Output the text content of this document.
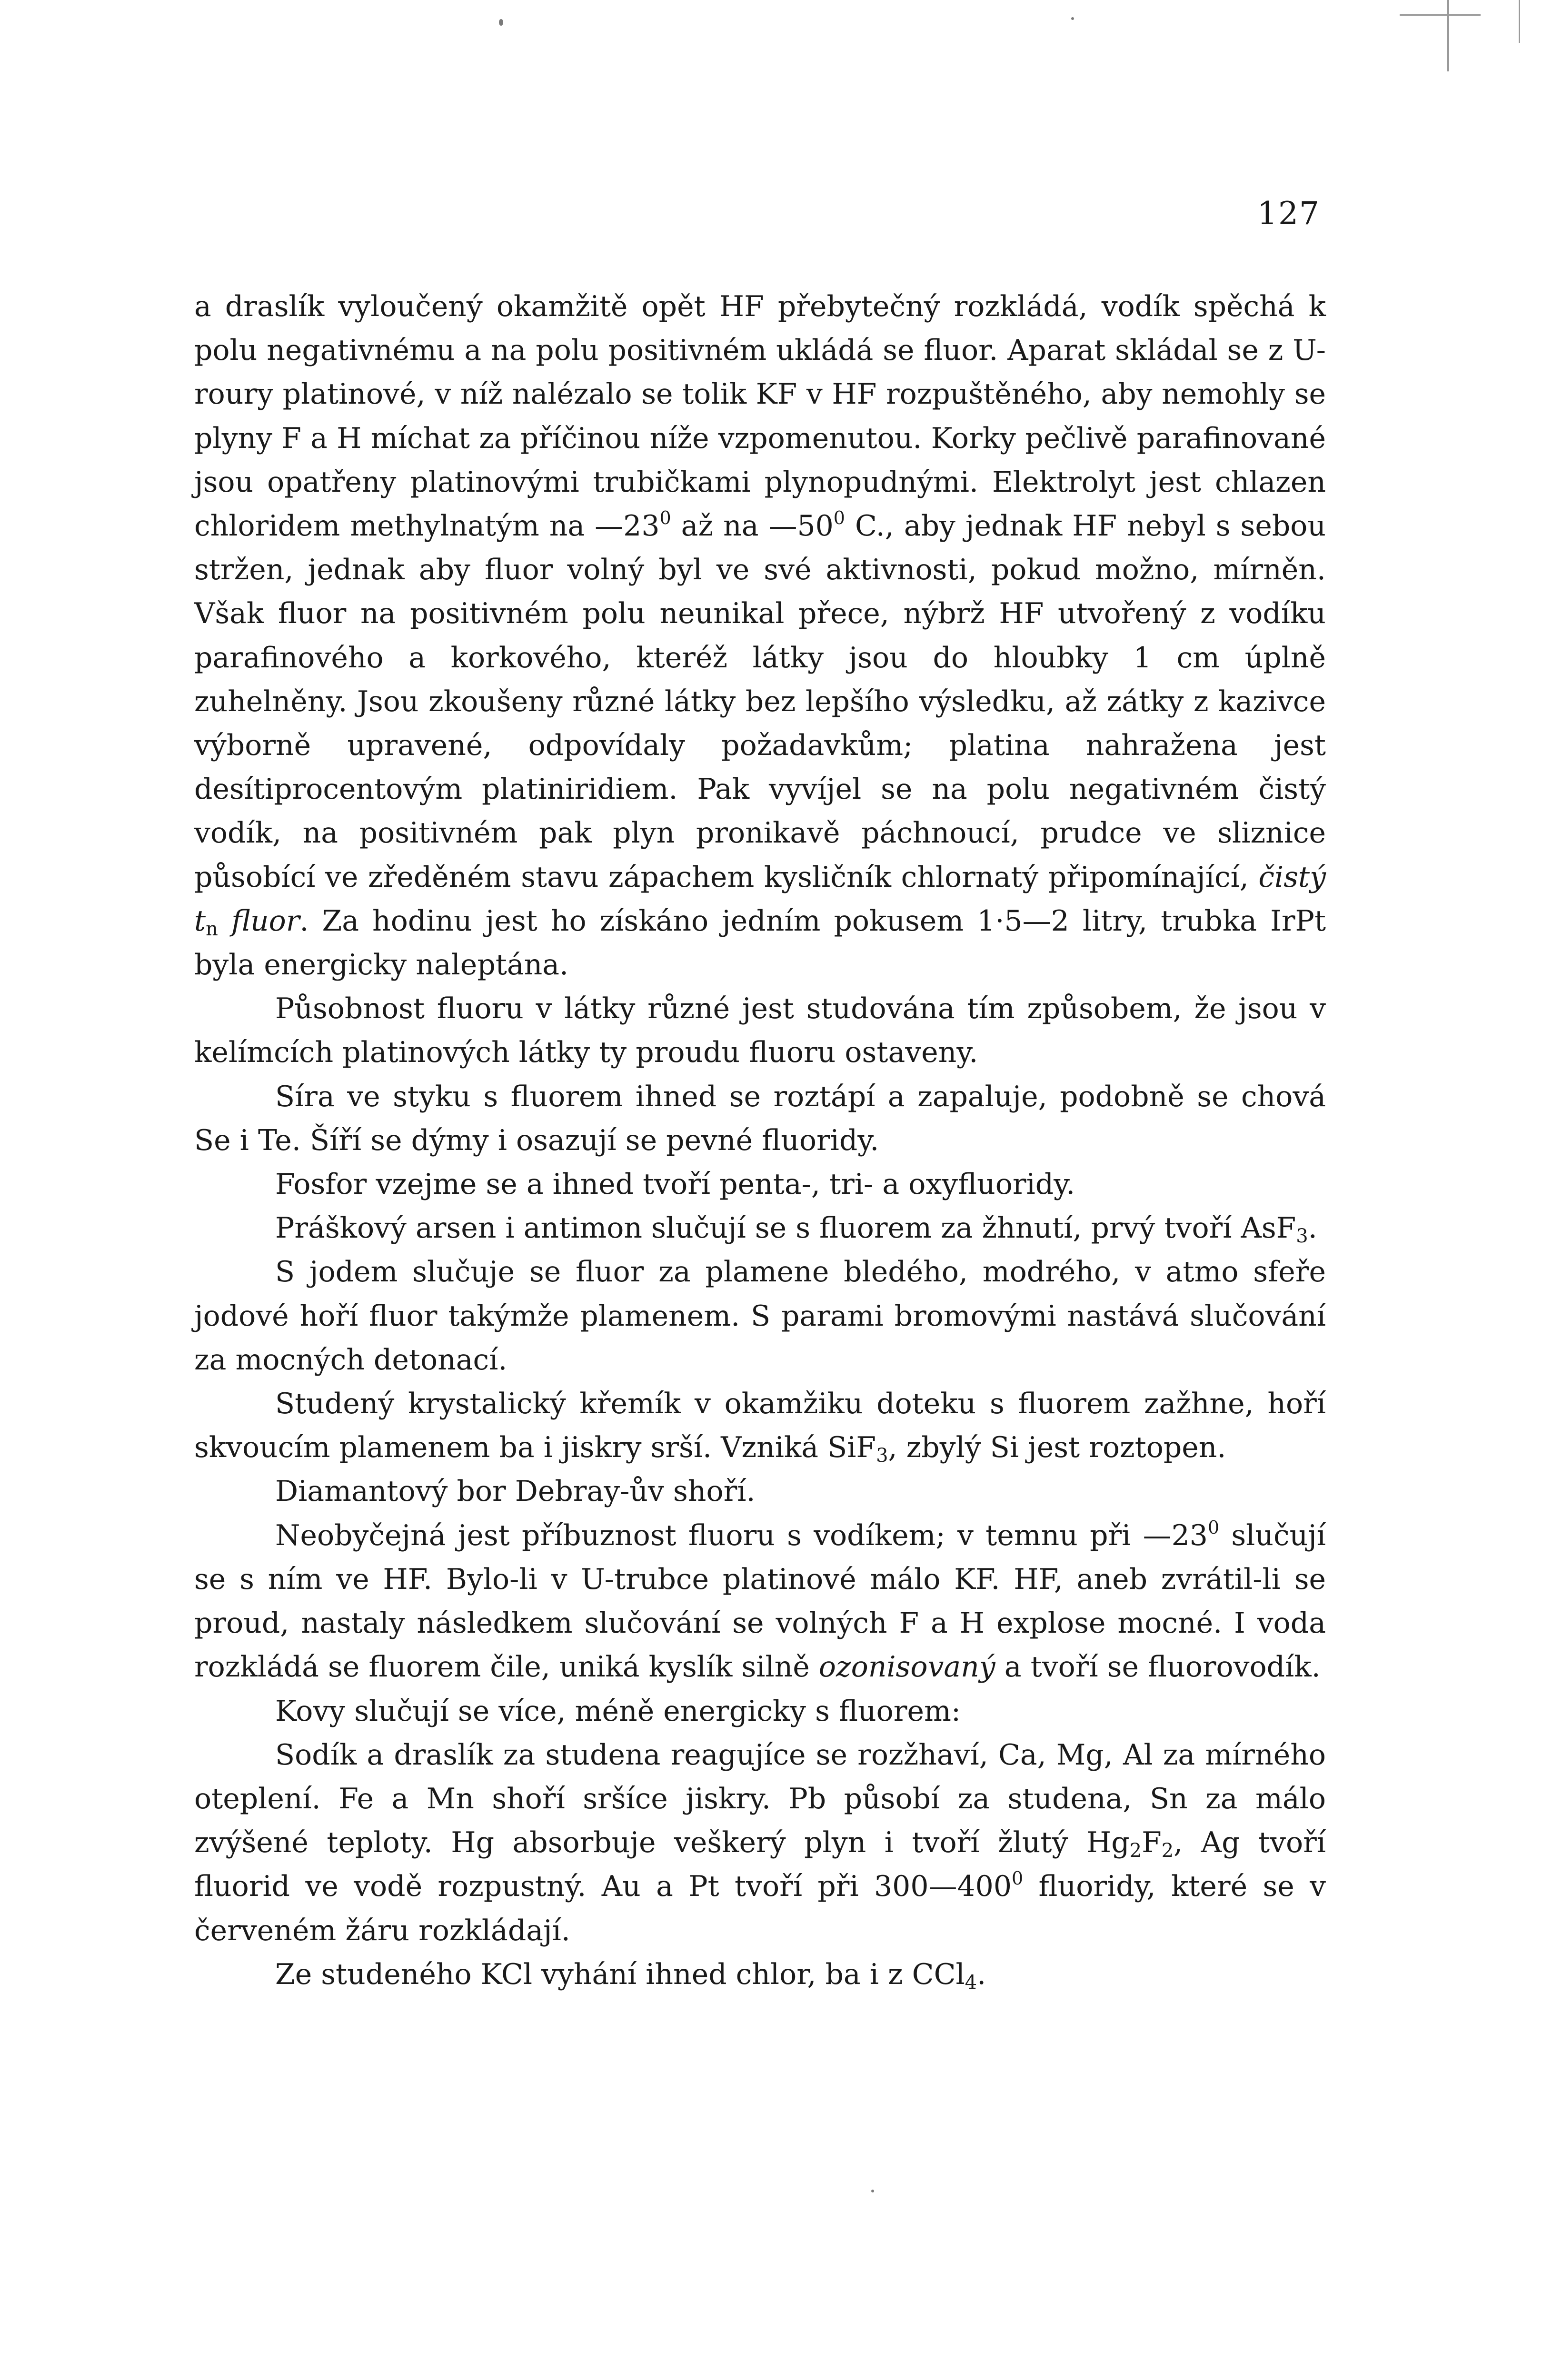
127

a draslík vyloučený okamžitě opět HF přebytečný rozkládá, vodík spěchá k polu negativnému a na polu positivném ukládá se fluor. Aparat skládal se z U-roury platinové, v níž nalézalo se tolik KF v HF rozpuštěného, aby nemohly se plyny F a H míchat za příčinou níže vzpomenutou. Korky pečlivě parafinované jsou opatřeny platinovými trubičkami plynopudnými. Elektrolyt jest chlazen chloridem methylnatým na $—23^0$ až na $—50^0$ C., aby jednak HF nebyl s sebou stržen, jednak aby fluor volný byl ve své aktivnosti, pokud možno, mírněn. Však fluor na positivném polu neunikal přece, nýbrž HF utvořený z vodíku parafinového a korkového, kteréž látky jsou do hloubky 1 cm úplně zuhelněny. Jsou zkoušeny různé látky bez lepšího výsledku, až zátky z kazivce výborně upravené, odpovídaly požadavkům; platina nahražena jest desítiprocentovým platiniridiem. Pak vyvíjel se na polu negativném čistý vodík, na positivném pak plyn pronikavě páchnoucí, prudce ve sliznice působící ve zředěném stavu zápachem kysličník chlornatý připomínající, čistý $t_n$ fluor. Za hodinu jest ho získáno jedním pokusem 1·5—2 litry, trubka IrPt byla energicky naleptána.

Působnost fluoru v látky různé jest studována tím způsobem, že jsou v kelímcích platinových látky ty proudu fluoru ostaveny.

Síra ve styku s fluorem ihned se roztápí a zapaluje, podobně se chová Se i Te. Šíří se dýmy i osazují se pevné fluoridy.

Fosfor vzejme se a ihned tvoří penta-, tri- a oxyfluoridy.

Práškový arsen i antimon slučují se s fluorem za žhnutí, prvý tvoří AsF$_3$.

S jodem slučuje se fluor za plamene bledého, modrého, v atmo sfeře jodové hoří fluor takýmže plamenem. S parami bromovými nastává slučování za mocných detonací.

Studený krystalický křemík v okamžiku doteku s fluorem zažhne, hoří skvoucím plamenem ba i jiskry srší. Vzniká SiF$_3$, zbylý Si jest roztopen.

Diamantový bor Debray-ův shoří.

Neobyčejná jest příbuznost fluoru s vodíkem; v temnu při $—23^0$ slučují se s ním ve HF. Bylo-li v U-trubce platinové málo KF. HF, aneb zvrátil-li se proud, nastaly následkem slučování se volných F a H explose mocné. I voda rozkládá se fluorem čile, uniká kyslík silně ozonisovaný a tvoří se fluorovodík.

Kovy slučují se více, méně energicky s fluorem:

Sodík a draslík za studena reagujíce se rozžhaví, Ca, Mg, Al za mírného oteplení. Fe a Mn shoří sršíce jiskry. Pb působí za studena, Sn za málo zvýšené teploty. Hg absorbuje veškerý plyn i tvoří žlutý $Hg_2F_2$, Ag tvoří fluorid ve vodě rozpustný. Au a Pt tvoří při $300—400^0$ fluoridy, které se v červeném žáru rozkládají.

Ze studeného KCl vyhání ihned chlor, ba i z CCl$_4$.
